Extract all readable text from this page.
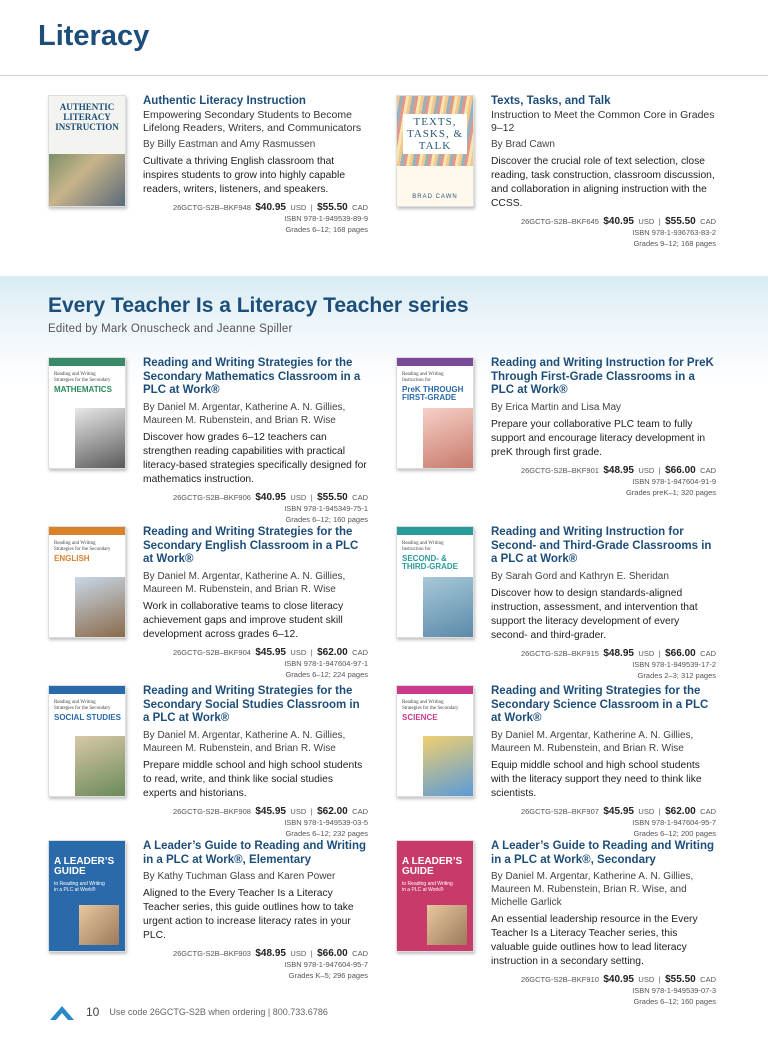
Literacy
Every Teacher Is a Literacy Teacher series
Edited by Mark Onuscheck and Jeanne Spiller
AUTHENTIC LITERACY INSTRUCTION
Authentic Literacy Instruction
Empowering Secondary Students to Become Lifelong Readers, Writers, and Communicators
By Billy Eastman and Amy Rasmussen
Cultivate a thriving English classroom that inspires students to grow into highly capable readers, writers, listeners, and speakers.
26GCTG-S2B–BKF948 $40.95 USD | $55.50 CAD
ISBN 978-1-949539-89-9
Grades 6–12; 168 pages
TEXTS, TASKS, & TALK
BRAD CAWN
Texts, Tasks, and Talk
Instruction to Meet the Common Core in Grades 9–12
By Brad Cawn
Discover the crucial role of text selection, close reading, task construction, classroom discussion, and collaboration in aligning instruction with the CCSS.
26GCTG-S2B–BKF645 $40.95 USD | $55.50 CAD
ISBN 978-1-936763-83-2
Grades 9–12; 168 pages
Reading and Writing
Strategies for the Secondary
MATHEMATICS
Reading and Writing Strategies for the Secondary Mathematics Classroom in a PLC at Work®
By Daniel M. Argentar, Katherine A. N. Gillies, Maureen M. Rubenstein, and Brian R. Wise
Discover how grades 6–12 teachers can strengthen reading capabilities with practical literacy-based strategies specifically designed for mathematics instruction.
26GCTG-S2B–BKF906 $40.95 USD | $55.50 CAD
ISBN 978-1-945349-75-1
Grades 6–12; 160 pages
Reading and Writing
Instruction for
PreK THROUGH FIRST-GRADE
Reading and Writing Instruction for PreK Through First-Grade Classrooms in a PLC at Work®
By Erica Martin and Lisa May
Prepare your collaborative PLC team to fully support and encourage literacy development in preK through first grade.
26GCTG-S2B–BKF901 $48.95 USD | $66.00 CAD
ISBN 978-1-947604-91-9
Grades preK–1; 320 pages
Reading and Writing
Strategies for the Secondary
ENGLISH
Reading and Writing Strategies for the Secondary English Classroom in a PLC at Work®
By Daniel M. Argentar, Katherine A. N. Gillies, Maureen M. Rubenstein, and Brian R. Wise
Work in collaborative teams to close literacy achievement gaps and improve student skill development across grades 6–12.
26GCTG-S2B–BKF904 $45.95 USD | $62.00 CAD
ISBN 978-1-947604-97-1
Grades 6–12; 224 pages
Reading and Writing
Instruction for
SECOND- & THIRD-GRADE
Reading and Writing Instruction for Second- and Third-Grade Classrooms in a PLC at Work®
By Sarah Gord and Kathryn E. Sheridan
Discover how to design standards-aligned instruction, assessment, and intervention that support the literacy development of every second- and third-grader.
26GCTG-S2B–BKF915 $48.95 USD | $66.00 CAD
ISBN 978-1-949539-17-2
Grades 2–3; 312 pages
Reading and Writing
Strategies for the Secondary
SOCIAL STUDIES
Reading and Writing Strategies for the Secondary Social Studies Classroom in a PLC at Work®
By Daniel M. Argentar, Katherine A. N. Gillies, Maureen M. Rubenstein, and Brian R. Wise
Prepare middle school and high school students to read, write, and think like social studies experts and historians.
26GCTG-S2B–BKF908 $45.95 USD | $62.00 CAD
ISBN 978-1-949539-03-5
Grades 6–12; 232 pages
Reading and Writing
Strategies for the Secondary
SCIENCE
Reading and Writing Strategies for the Secondary Science Classroom in a PLC at Work®
By Daniel M. Argentar, Katherine A. N. Gillies, Maureen M. Rubenstein, and Brian R. Wise
Equip middle school and high school students with the literacy support they need to think like scientists.
26GCTG-S2B–BKF907 $45.95 USD | $62.00 CAD
ISBN 978-1-947604-95-7
Grades 6–12; 200 pages
A LEADER’S GUIDE
to Reading and Writing
in a PLC at Work®
A Leader’s Guide to Reading and Writing in a PLC at Work®, Elementary
By Kathy Tuchman Glass and Karen Power
Aligned to the Every Teacher Is a Literacy Teacher series, this guide outlines how to take urgent action to increase literacy rates in your PLC.
26GCTG-S2B–BKF903 $48.95 USD | $66.00 CAD
ISBN 978-1-947604-95-7
Grades K–5; 296 pages
A LEADER’S GUIDE
to Reading and Writing
in a PLC at Work®
A Leader’s Guide to Reading and Writing in a PLC at Work®, Secondary
By Daniel M. Argentar, Katherine A. N. Gillies, Maureen M. Rubenstein, Brian R. Wise, and Michelle Garlick
An essential leadership resource in the Every Teacher Is a Literacy Teacher series, this valuable guide outlines how to lead literacy instruction in a secondary setting.
26GCTG-S2B–BKF910 $40.95 USD | $55.50 CAD
ISBN 978-1-949539-07-3
Grades 6–12; 160 pages
10 Use code 26GCTG-S2B when ordering | 800.733.6786
